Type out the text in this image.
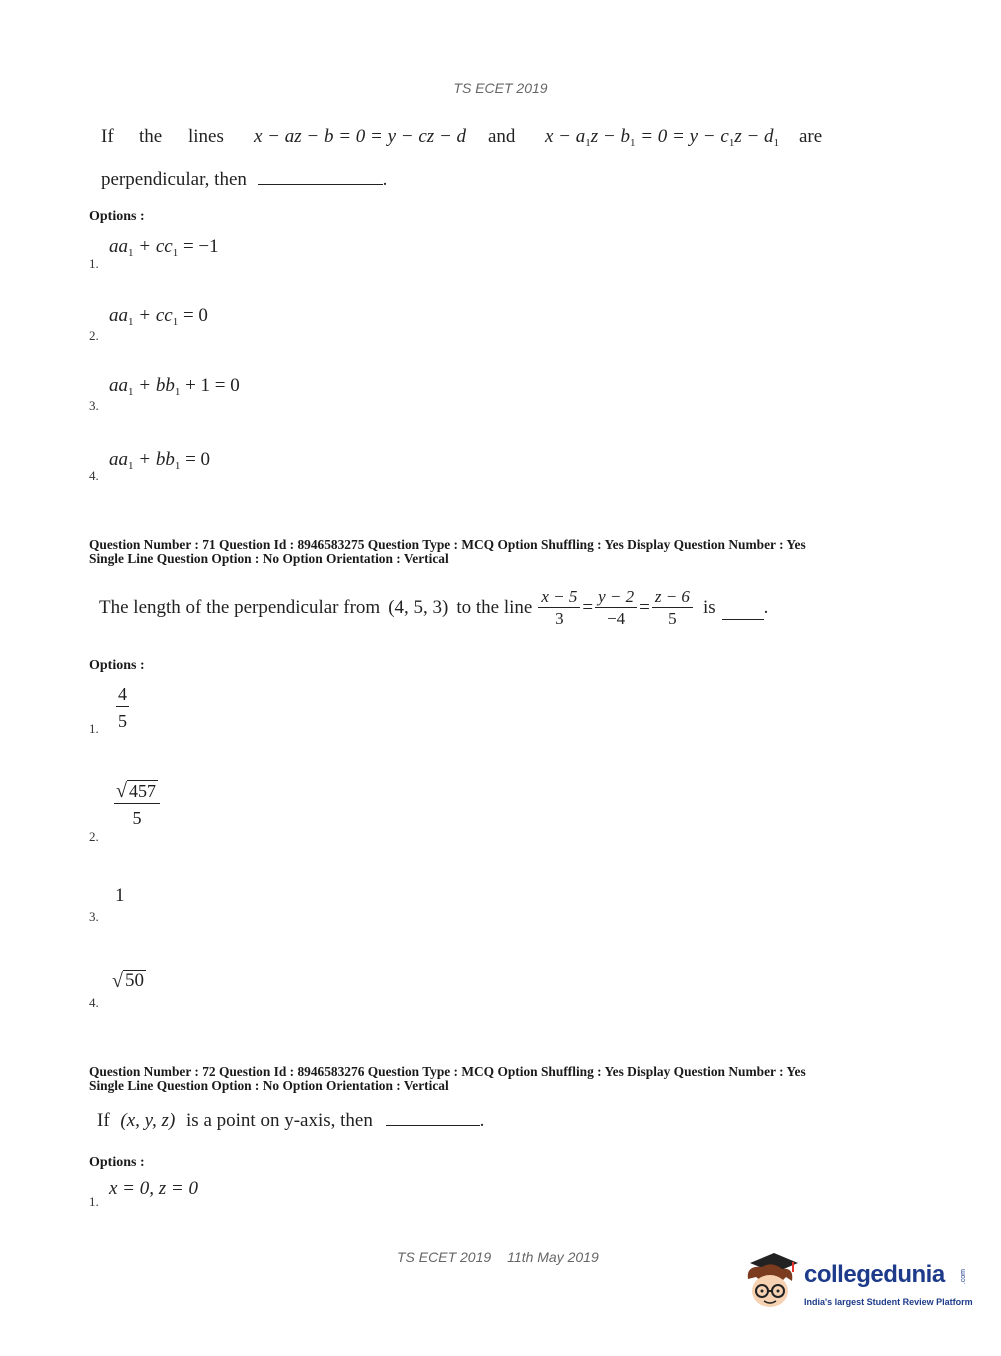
TS ECET 2019
If the lines x − az − b = 0 = y − cz − d and $x - a_1z - b_1 = 0 = y - c_1z - d_1$ are
perpendicular, then	.
Options :
1.
$aa_1 + cc_1 = -1$
2.
$aa_1 + cc_1 = 0$
3.
$aa_1 + bb_1 + 1 = 0$
4.
$aa_1 + bb_1 = 0$
Question Number : 71 Question Id : 8946583275 Question Type : MCQ Option Shuffling : Yes Display Question Number : Yes
Single Line Question Option : No Option Orientation : Vertical
The length of the perpendicular from (4, 5, 3) to the line $\frac{x - 5}{3} = \frac{y - 2}{-4} = \frac{z - 6}{5}$ is	.
Options :
1.
4
5
2.
√ 457
5
3.
1
4.
√ 50
Question Number : 72 Question Id : 8946583276 Question Type : MCQ Option Shuffling : Yes Display Question Number : Yes
Single Line Question Option : No Option Orientation : Vertical
If (x, y, z) is a point on y-axis, then	.
Options :
1.
x = 0, z = 0
TS ECET 2019 11th May 2019
collegedunia .com
India's largest Student Review Platform
